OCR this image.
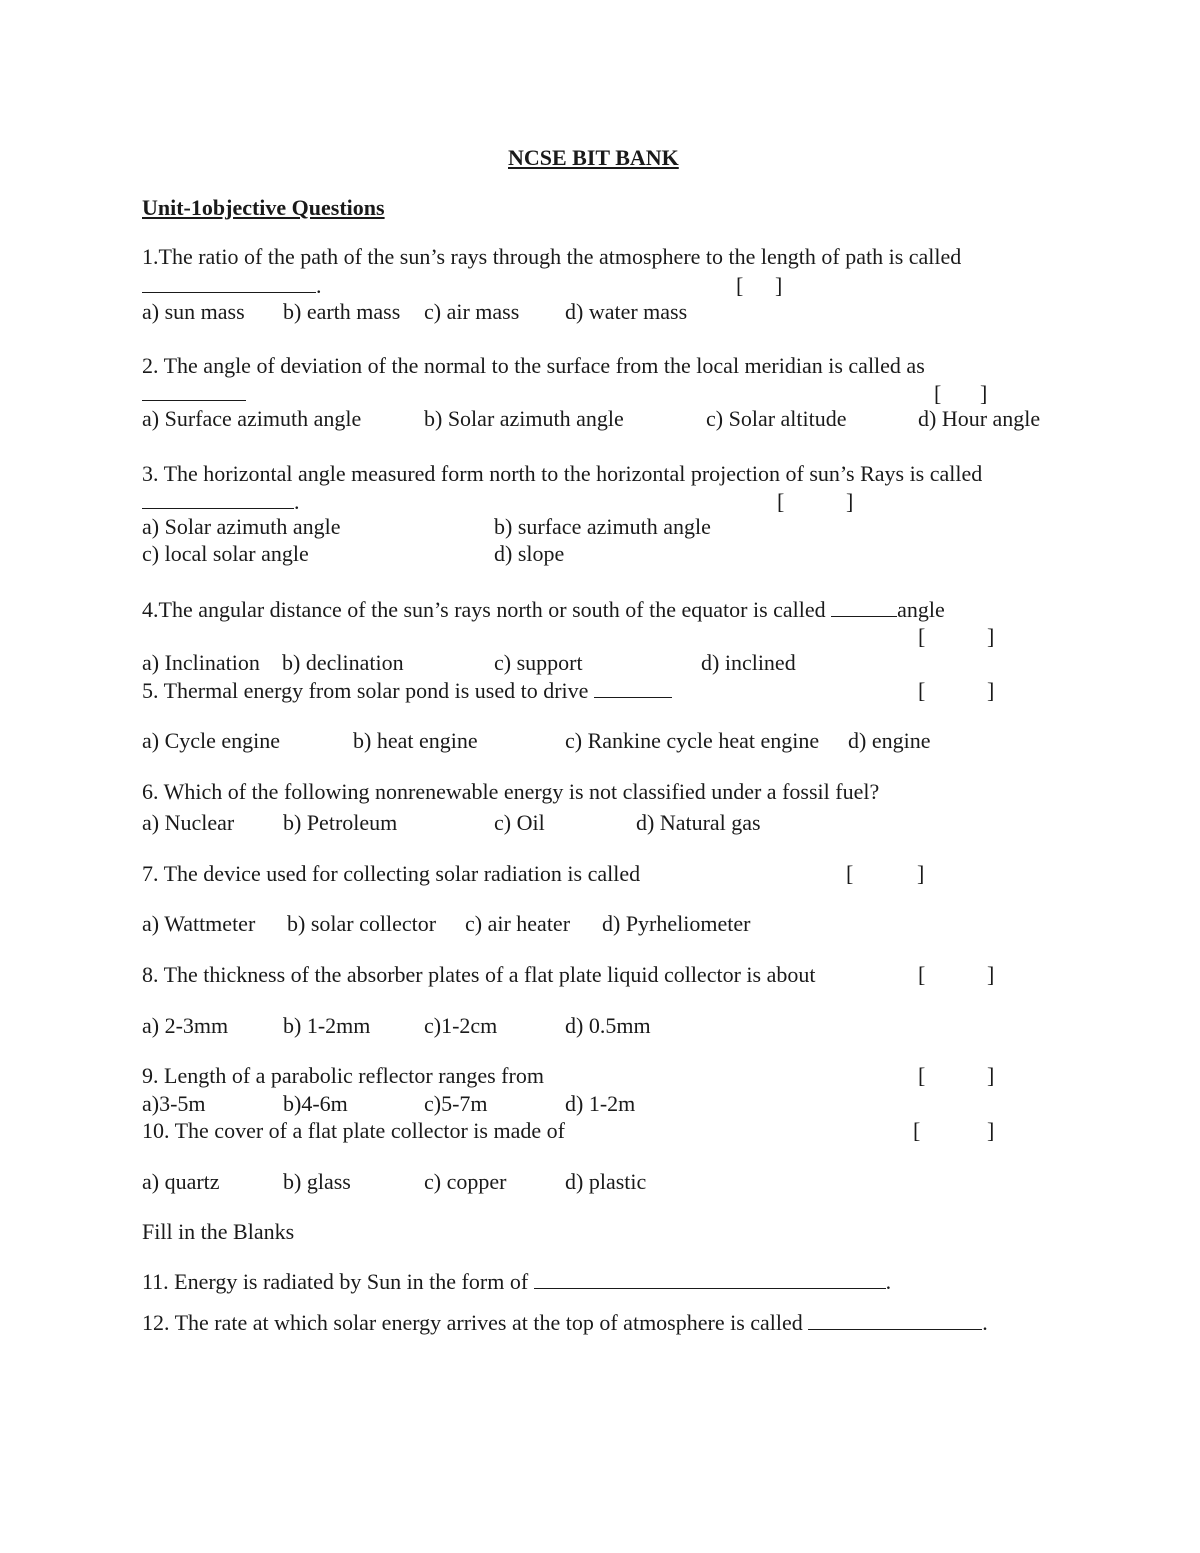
NCSE BIT BANK
Unit-1objective Questions
1.The ratio of the path of the sun’s rays through the atmosphere to the length of path is called
.	[ ]
a) sun mass b) earth mass c) air mass d) water mass
2. The angle of deviation of the normal to the surface from the local meridian is called as
[ ]
a) Surface azimuth angle	b) Solar azimuth angle	c) Solar altitude	d) Hour angle
3. The horizontal angle measured form north to the horizontal projection of sun’s Rays is called
.	[	]
a) Solar azimuth angle	b) surface azimuth angle
c) local solar angle	d) slope
4.The angular distance of the sun’s rays north or south of the equator is called	angle
[	]
a) Inclination b) declination	c) support	d) inclined
5. Thermal energy from solar pond is used to drive	[	]
a) Cycle engine	b) heat engine	c) Rankine cycle heat engine d) engine
6. Which of the following nonrenewable energy is not classified under a fossil fuel?
a) Nuclear b) Petroleum	c) Oil	d) Natural gas
7. The device used for collecting solar radiation is called	[	]
a) Wattmeter b) solar collector c) air heater d) Pyrheliometer
8. The thickness of the absorber plates of a flat plate liquid collector is about	[	]
a) 2-3mm b) 1-2mm c)1-2cm	d) 0.5mm
9. Length of a parabolic reflector ranges from	[	]
a)3-5m	b)4-6m	c)5-7m	d) 1-2m
10. The cover of a flat plate collector is made of	[	]
a) quartz	b) glass	c) copper	d) plastic
Fill in the Blanks
11. Energy is radiated by Sun in the form of	.
12. The rate at which solar energy arrives at the top of atmosphere is called	.
